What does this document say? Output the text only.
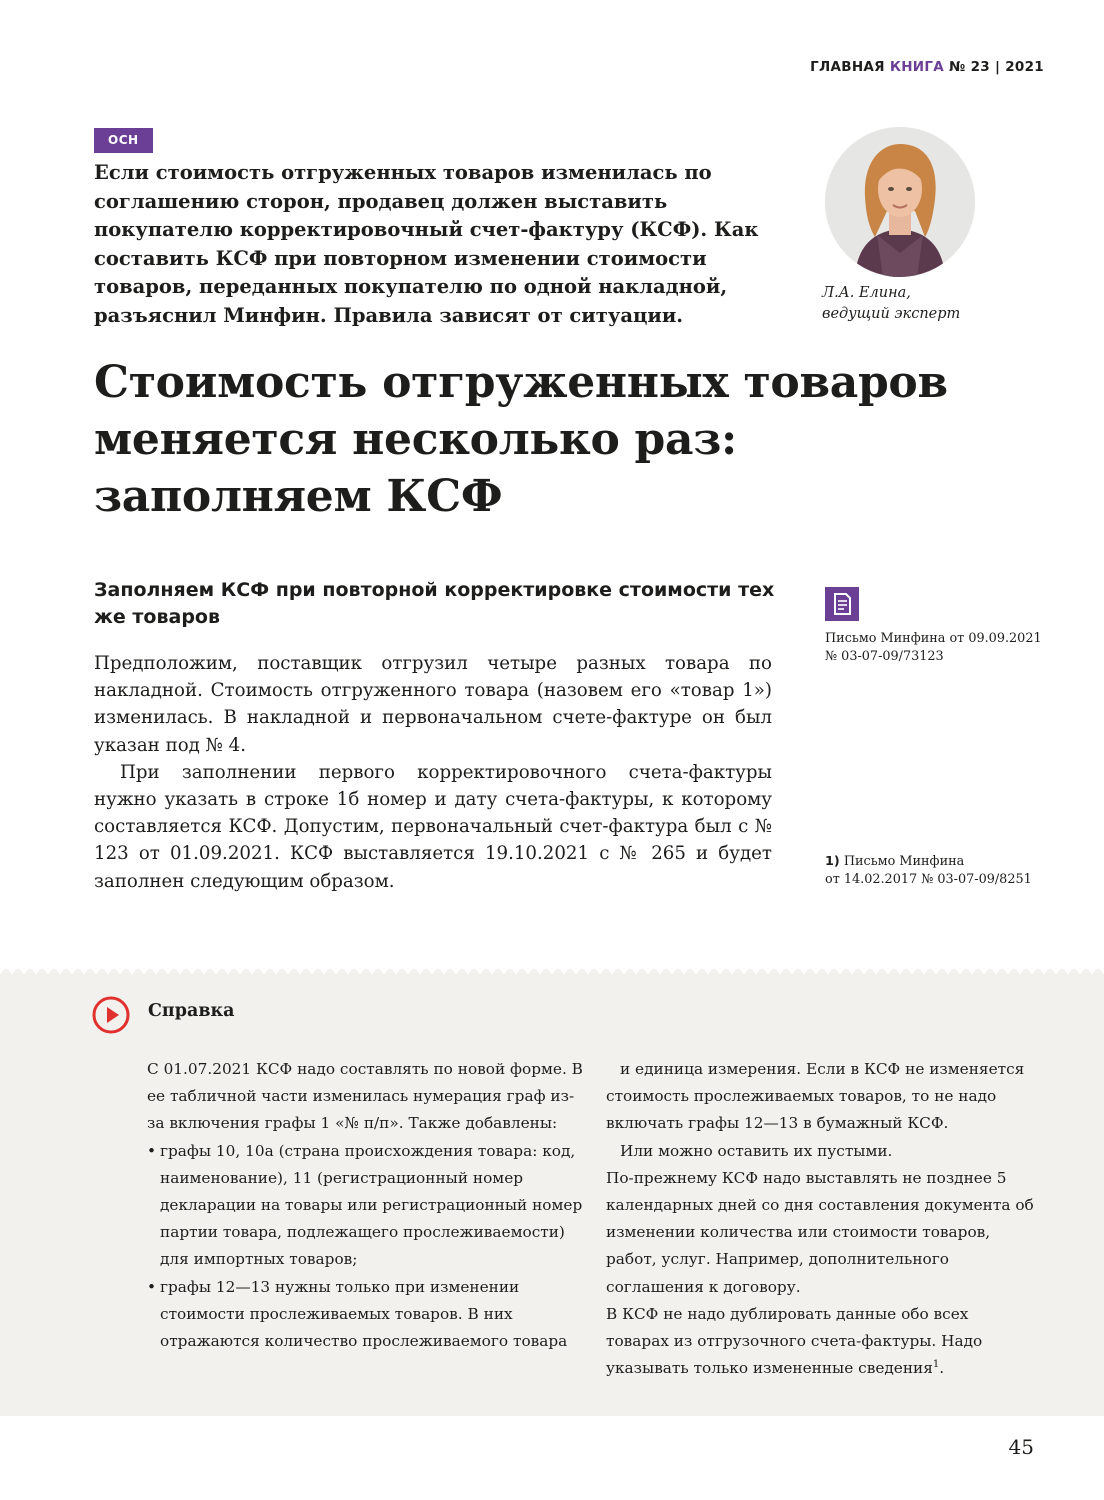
ГЛАВНАЯ КНИГА № 23 | 2021
ОСН

Если стоимость отгруженных товаров изменилась по соглашению сторон, продавец должен выставить покупателю корректировочный счет-фактуру (КСФ). Как составить КСФ при повторном изменении стоимости товаров, переданных покупателю по одной накладной, разъяснил Минфин. Правила зависят от ситуации.

Л.А. Елина,
ведущий эксперт
Стоимость отгруженных товаров
меняется несколько раз:
заполняем КСФ
Заполняем КСФ при повторной корректировке стоимости тех же товаров

Предположим, поставщик отгрузил четыре разных товара по накладной. Стоимость отгруженного товара (назовем его «товар 1») изменилась. В накладной и первоначальном счете-фактуре он был указан под № 4.

При заполнении первого корректировочного счета-фактуры нужно указать в строке 1б номер и дату счета-фактуры, к которому составляется КСФ. Допустим, первоначальный счет-фактура был с № 123 от 01.09.2021. КСФ выставляется 19.10.2021 с № 265 и будет заполнен следующим образом.

Письмо Минфина от 09.09.2021
№ 03-07-09/73123
1) Письмо Минфина
от 14.02.2017 № 03-07-09/8251
Справка

С 01.07.2021 КСФ надо составлять по новой форме. В ее табличной части изменилась нумерация граф из-за включения графы 1 «№ п/п». Также добавлены:

• графы 10, 10а (страна происхождения товара: код, наименование), 11 (регистрационный номер декларации на товары или регистрационный номер партии товара, подлежащего прослеживаемости) для импортных товаров;
• графы 12—13 нужны только при изменении стоимости прослеживаемых товаров. В них отражаются количество прослеживаемого товара

и единица измерения. Если в КСФ не изменяется стоимость прослеживаемых товаров, то не надо включать графы 12—13 в бумажный КСФ.

Или можно оставить их пустыми.

По-прежнему КСФ надо выставлять не позднее 5 календарных дней со дня составления документа об изменении количества или стоимости товаров, работ, услуг. Например, дополнительного соглашения к договору.

В КСФ не надо дублировать данные обо всех товарах из отгрузочного счета-фактуры. Надо указывать только измененные сведения$^1$.

45
